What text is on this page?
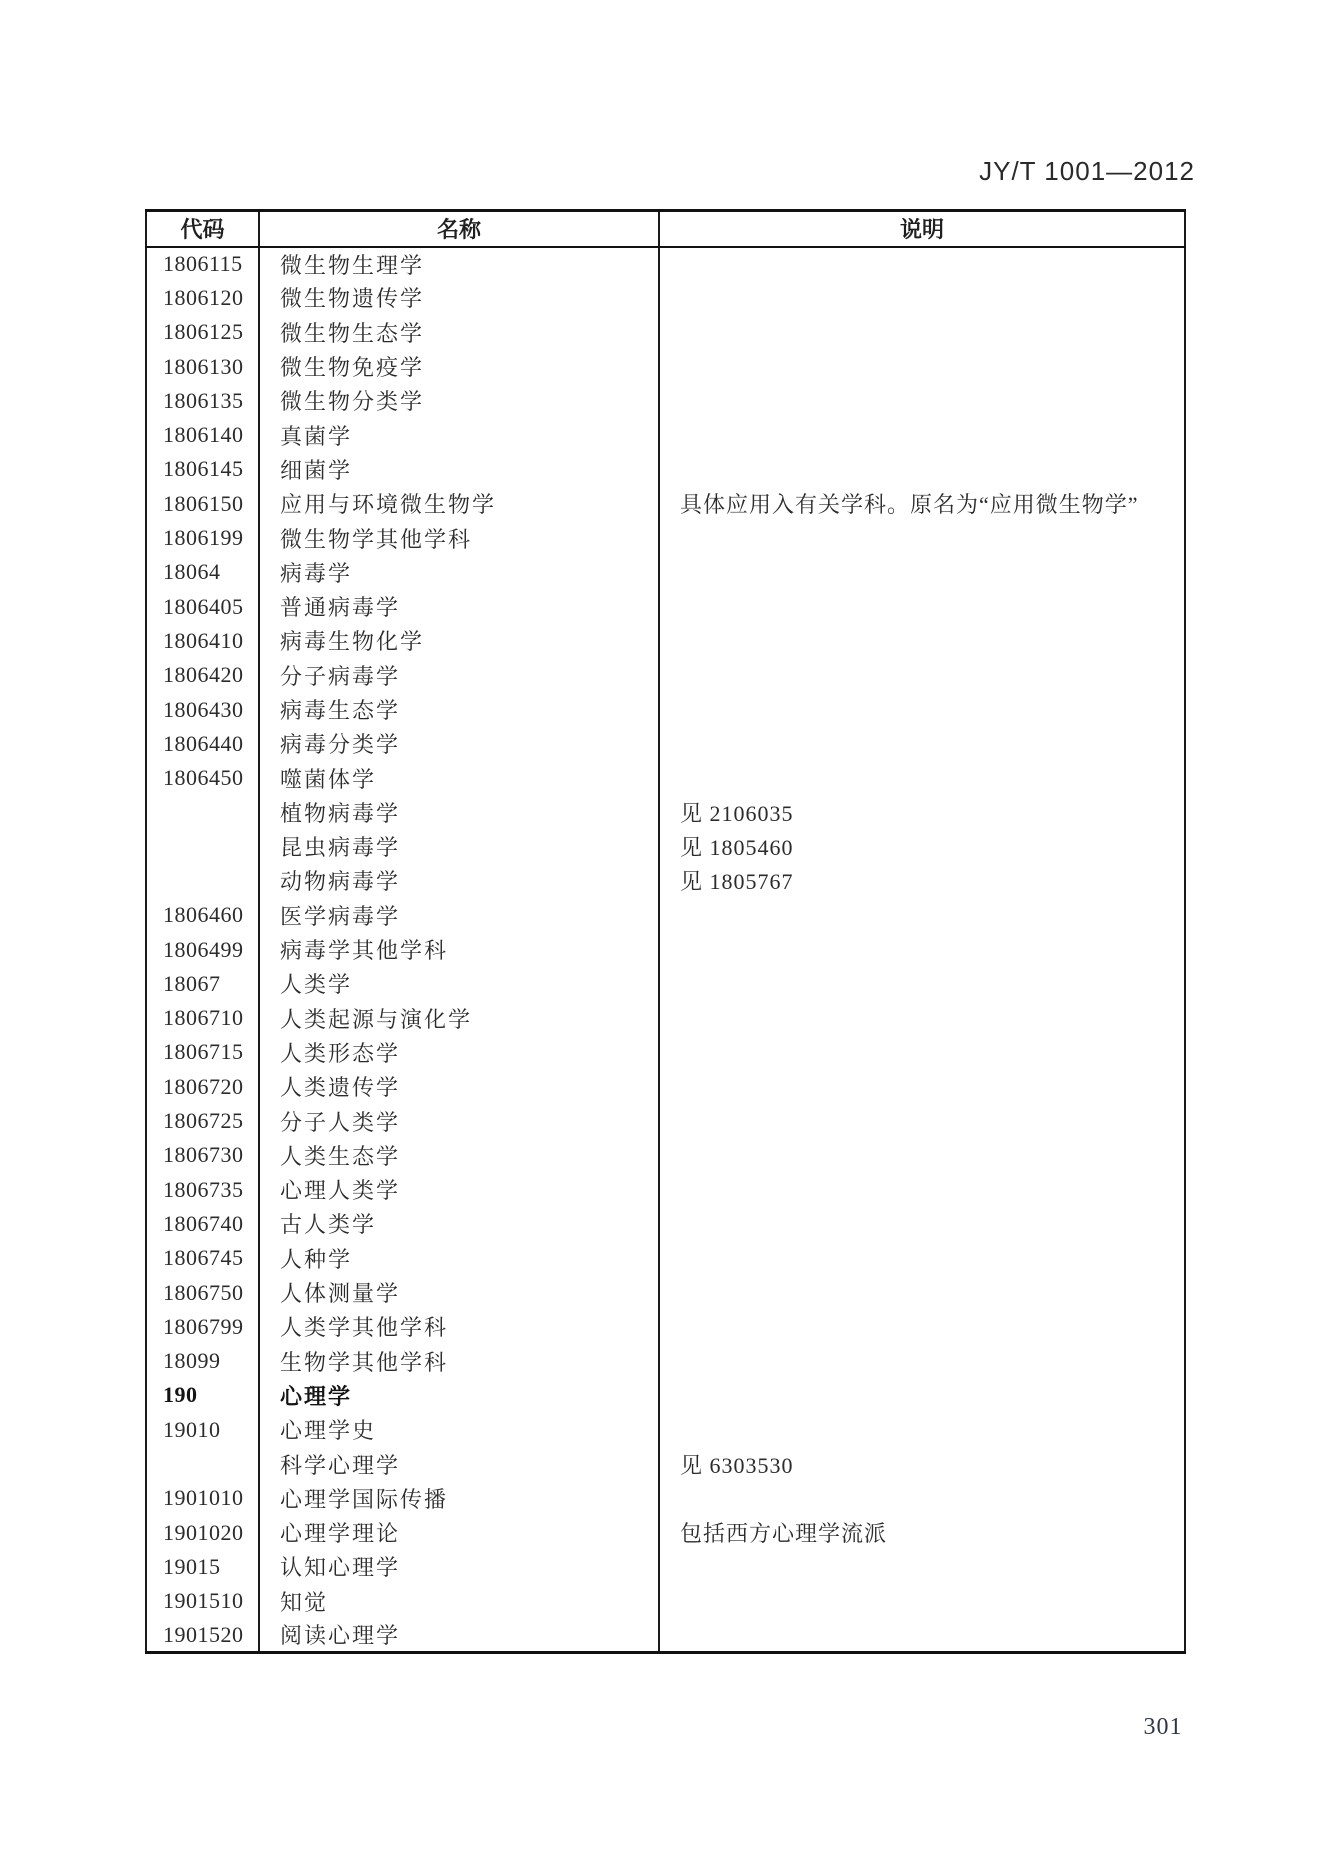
JY/T 1001—2012
代码	名称	说明
1806115	微生物生理学	
1806120	微生物遗传学	
1806125	微生物生态学	
1806130	微生物免疫学	
1806135	微生物分类学	
1806140	真菌学	
1806145	细菌学	
1806150	应用与环境微生物学	具体应用入有关学科。原名为“应用微生物学”
1806199	微生物学其他学科	
18064	病毒学	
1806405	普通病毒学	
1806410	病毒生物化学	
1806420	分子病毒学	
1806430	病毒生态学	
1806440	病毒分类学	
1806450	噬菌体学	
	植物病毒学	见 2106035
	昆虫病毒学	见 1805460
	动物病毒学	见 1805767
1806460	医学病毒学	
1806499	病毒学其他学科	
18067	人类学	
1806710	人类起源与演化学	
1806715	人类形态学	
1806720	人类遗传学	
1806725	分子人类学	
1806730	人类生态学	
1806735	心理人类学	
1806740	古人类学	
1806745	人种学	
1806750	人体测量学	
1806799	人类学其他学科	
18099	生物学其他学科	
190	心理学	
19010	心理学史	
	科学心理学	见 6303530
1901010	心理学国际传播	
1901020	心理学理论	包括西方心理学流派
19015	认知心理学	
1901510	知觉	
1901520	阅读心理学	
301
